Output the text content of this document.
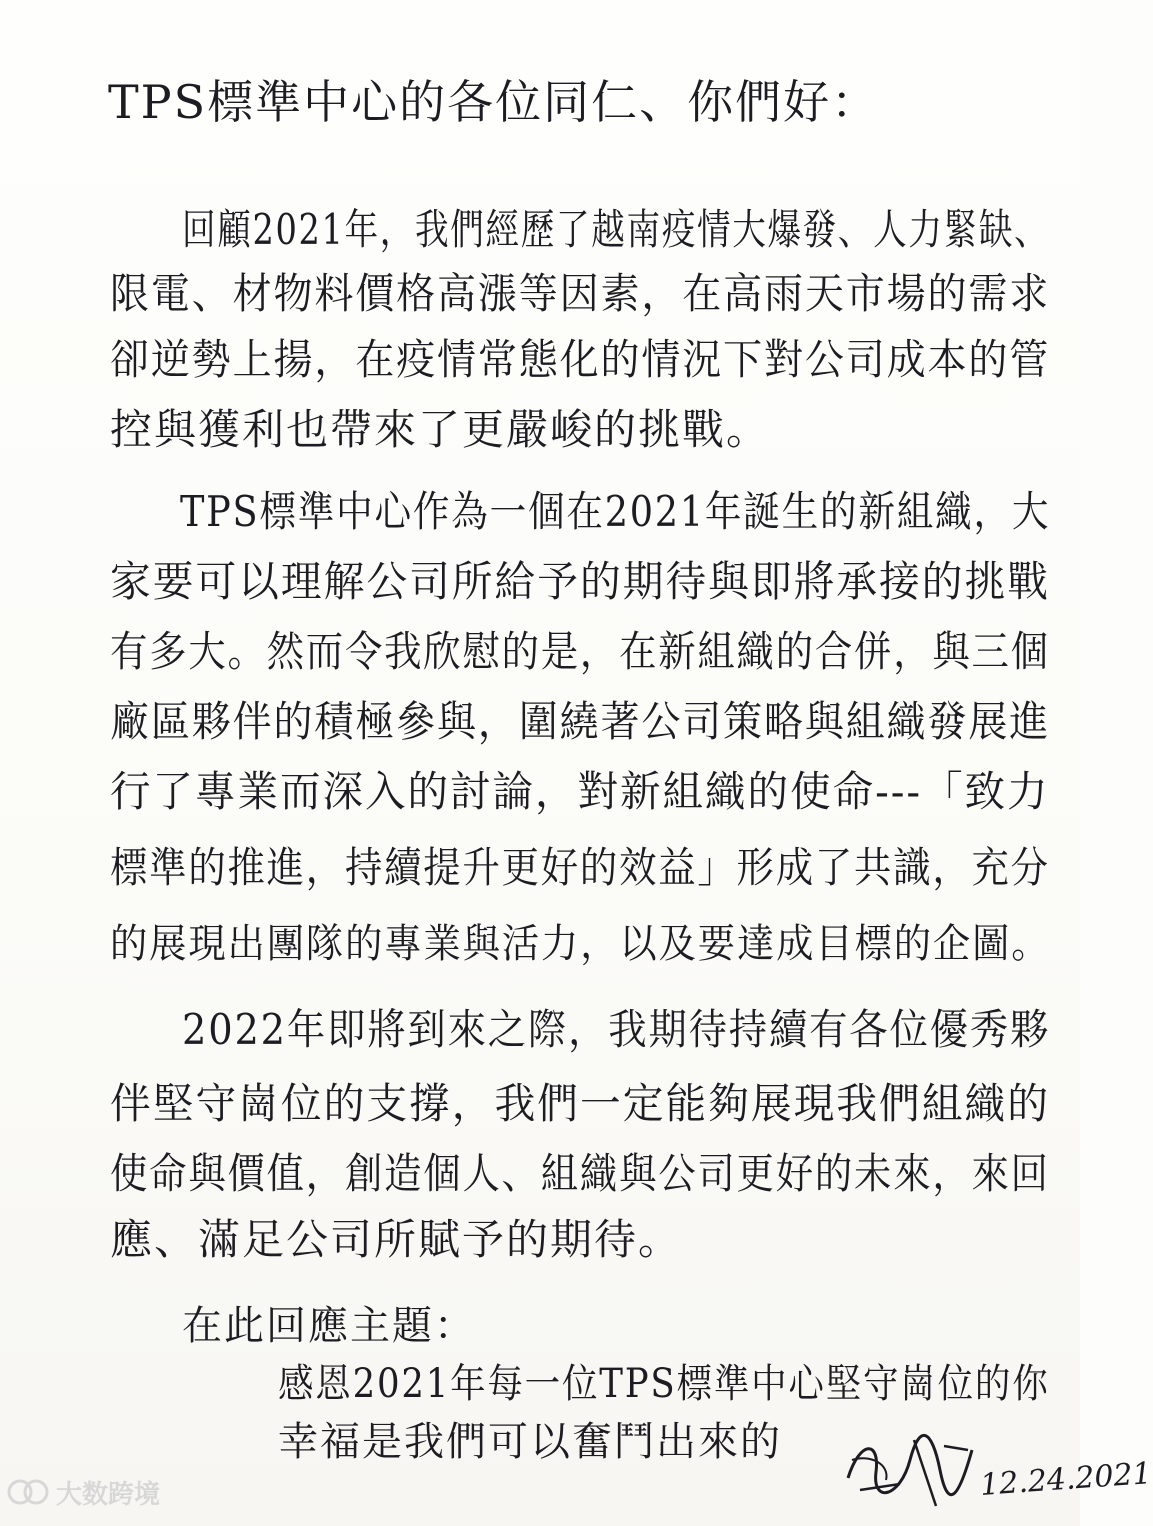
TPS標準中心的各位同仁、你們好：
回顧2021年，我們經歷了越南疫情大爆發、人力緊缺、
限電、材物料價格高漲等因素，在高雨天市場的需求
卻逆勢上揚，在疫情常態化的情況下對公司成本的管
控與獲利也帶來了更嚴峻的挑戰。
TPS標準中心作為一個在2021年誕生的新組織，大
家要可以理解公司所給予的期待與即將承接的挑戰
有多大。然而令我欣慰的是，在新組織的合併，與三個
廠區夥伴的積極參與，圍繞著公司策略與組織發展進
行了專業而深入的討論，對新組織的使命---「致力
標準的推進，持續提升更好的效益」形成了共識，充分
的展現出團隊的專業與活力，以及要達成目標的企圖。
2022年即將到來之際，我期待持續有各位優秀夥
伴堅守崗位的支撐，我們一定能夠展現我們組織的
使命與價值，創造個人、組織與公司更好的未來，來回
應、滿足公司所賦予的期待。
在此回應主題：
感恩2021年每一位TPS標準中心堅守崗位的你
幸福是我們可以奮鬥出來的
12.24.2021
大数跨境
